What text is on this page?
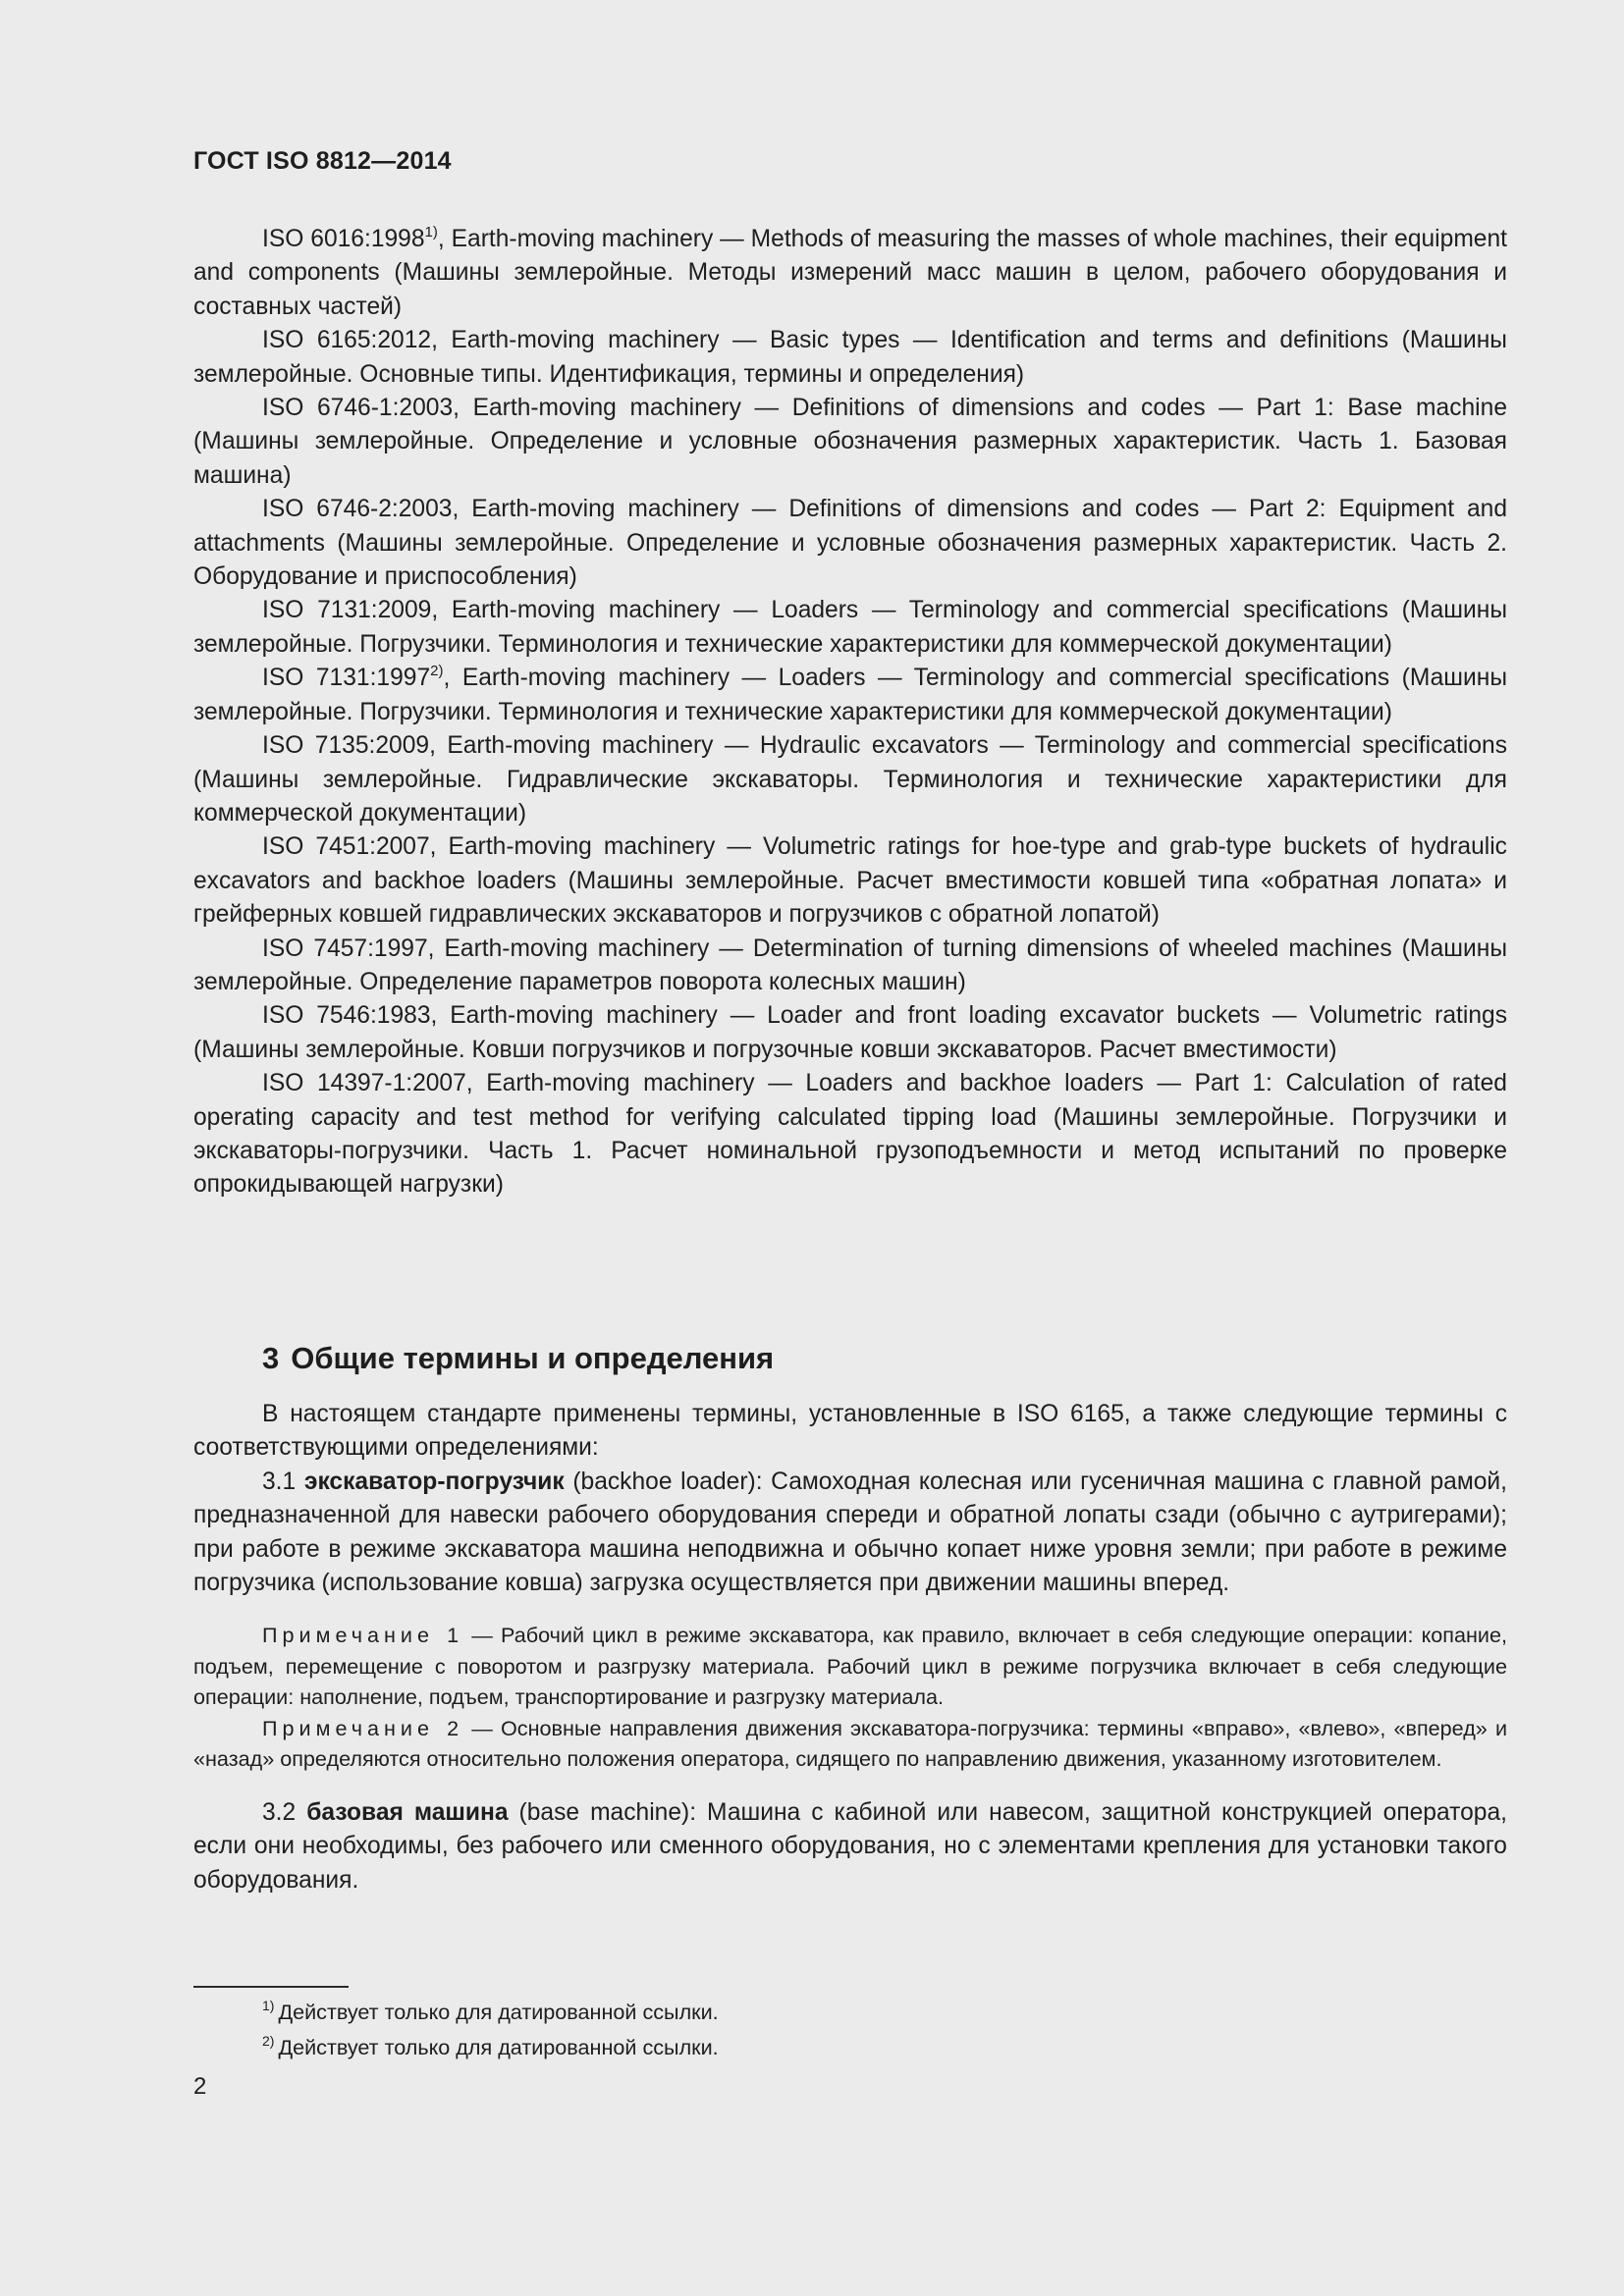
ГОСТ ISO 8812—2014

ISO 6016:1998$^{1)}$, Earth-moving machinery — Methods of measuring the masses of whole machines, their equipment and components (Машины землеройные. Методы измерений масс машин в целом, рабочего оборудования и составных частей)

ISO 6165:2012, Earth-moving machinery — Basic types — Identification and terms and definitions (Машины землеройные. Основные типы. Идентификация, термины и определения)

ISO 6746-1:2003, Earth-moving machinery — Definitions of dimensions and codes — Part 1: Base machine (Машины землеройные. Определение и условные обозначения размерных характеристик. Часть 1. Базовая машина)

ISO 6746-2:2003, Earth-moving machinery — Definitions of dimensions and codes — Part 2: Equipment and attachments (Машины землеройные. Определение и условные обозначения размерных характеристик. Часть 2. Оборудование и приспособления)

ISO 7131:2009, Earth-moving machinery — Loaders — Terminology and commercial specifications (Машины землеройные. Погрузчики. Терминология и технические характеристики для коммерческой документации)

ISO 7131:1997$^{2)}$, Earth-moving machinery — Loaders — Terminology and commercial specifications (Машины землеройные. Погрузчики. Терминология и технические характеристики для коммерческой документации)

ISO 7135:2009, Earth-moving machinery — Hydraulic excavators — Terminology and commercial specifications (Машины землеройные. Гидравлические экскаваторы. Терминология и технические характеристики для коммерческой документации)

ISO 7451:2007, Earth-moving machinery — Volumetric ratings for hoe-type and grab-type buckets of hydraulic excavators and backhoe loaders (Машины землеройные. Расчет вместимости ковшей типа «обратная лопата» и грейферных ковшей гидравлических экскаваторов и погрузчиков с обратной лопатой)

ISO 7457:1997, Earth-moving machinery — Determination of turning dimensions of wheeled machines (Машины землеройные. Определение параметров поворота колесных машин)

ISO 7546:1983, Earth-moving machinery — Loader and front loading excavator buckets — Volumetric ratings (Машины землеройные. Ковши погрузчиков и погрузочные ковши экскаваторов. Расчет вместимости)

ISO 14397-1:2007, Earth-moving machinery — Loaders and backhoe loaders — Part 1: Calculation of rated operating capacity and test method for verifying calculated tipping load (Машины землеройные. Погрузчики и экскаваторы-погрузчики. Часть 1. Расчет номинальной грузоподъемности и метод испытаний по проверке опрокидывающей нагрузки)

3 Общие термины и определения

В настоящем стандарте применены термины, установленные в ISO 6165, а также следующие термины с соответствующими определениями:

3.1 экскаватор-погрузчик (backhoe loader): Самоходная колесная или гусеничная машина с главной рамой, предназначенной для навески рабочего оборудования спереди и обратной лопаты сзади (обычно с аутригерами); при работе в режиме экскаватора машина неподвижна и обычно копает ниже уровня земли; при работе в режиме погрузчика (использование ковша) загрузка осуществляется при движении машины вперед.

Примечание 1 — Рабочий цикл в режиме экскаватора, как правило, включает в себя следующие операции: копание, подъем, перемещение с поворотом и разгрузку материала. Рабочий цикл в режиме погрузчика включает в себя следующие операции: наполнение, подъем, транспортирование и разгрузку материала.

Примечание 2 — Основные направления движения экскаватора-погрузчика: термины «вправо», «влево», «вперед» и «назад» определяются относительно положения оператора, сидящего по направлению движения, указанному изготовителем.

3.2 базовая машина (base machine): Машина с кабиной или навесом, защитной конструкцией оператора, если они необходимы, без рабочего или сменного оборудования, но с элементами крепления для установки такого оборудования.

$^{1)}$ Действует только для датированной ссылки.

$^{2)}$ Действует только для датированной ссылки.

2
